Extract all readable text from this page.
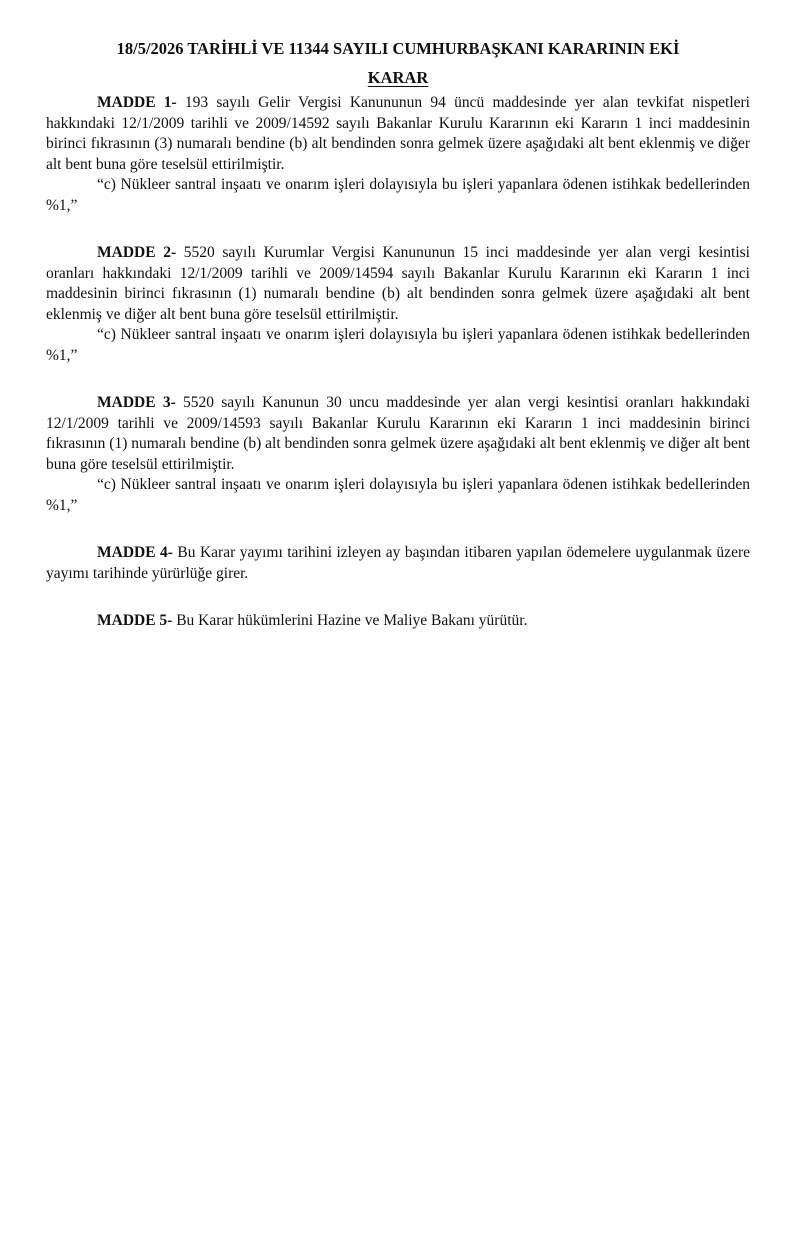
18/5/2026 TARİHLİ VE 11344 SAYILI CUMHURBAŞKANI KARARININ EKİ
KARAR

MADDE 1- 193 sayılı Gelir Vergisi Kanununun 94 üncü maddesinde yer alan tevkifat nispetleri hakkındaki 12/1/2009 tarihli ve 2009/14592 sayılı Bakanlar Kurulu Kararının eki Kararın 1 inci maddesinin birinci fıkrasının (3) numaralı bendine (b) alt bendinden sonra gelmek üzere aşağıdaki alt bent eklenmiş ve diğer alt bent buna göre teselsül ettirilmiştir.

“c) Nükleer santral inşaatı ve onarım işleri dolayısıyla bu işleri yapanlara ödenen istihkak bedellerinden %1,”

MADDE 2- 5520 sayılı Kurumlar Vergisi Kanununun 15 inci maddesinde yer alan vergi kesintisi oranları hakkındaki 12/1/2009 tarihli ve 2009/14594 sayılı Bakanlar Kurulu Kararının eki Kararın 1 inci maddesinin birinci fıkrasının (1) numaralı bendine (b) alt bendinden sonra gelmek üzere aşağıdaki alt bent eklenmiş ve diğer alt bent buna göre teselsül ettirilmiştir.

“c) Nükleer santral inşaatı ve onarım işleri dolayısıyla bu işleri yapanlara ödenen istihkak bedellerinden %1,”

MADDE 3- 5520 sayılı Kanunun 30 uncu maddesinde yer alan vergi kesintisi oranları hakkındaki 12/1/2009 tarihli ve 2009/14593 sayılı Bakanlar Kurulu Kararının eki Kararın 1 inci maddesinin birinci fıkrasının (1) numaralı bendine (b) alt bendinden sonra gelmek üzere aşağıdaki alt bent eklenmiş ve diğer alt bent buna göre teselsül ettirilmiştir.

“c) Nükleer santral inşaatı ve onarım işleri dolayısıyla bu işleri yapanlara ödenen istihkak bedellerinden %1,”

MADDE 4- Bu Karar yayımı tarihini izleyen ay başından itibaren yapılan ödemelere uygulanmak üzere yayımı tarihinde yürürlüğe girer.

MADDE 5- Bu Karar hükümlerini Hazine ve Maliye Bakanı yürütür.
